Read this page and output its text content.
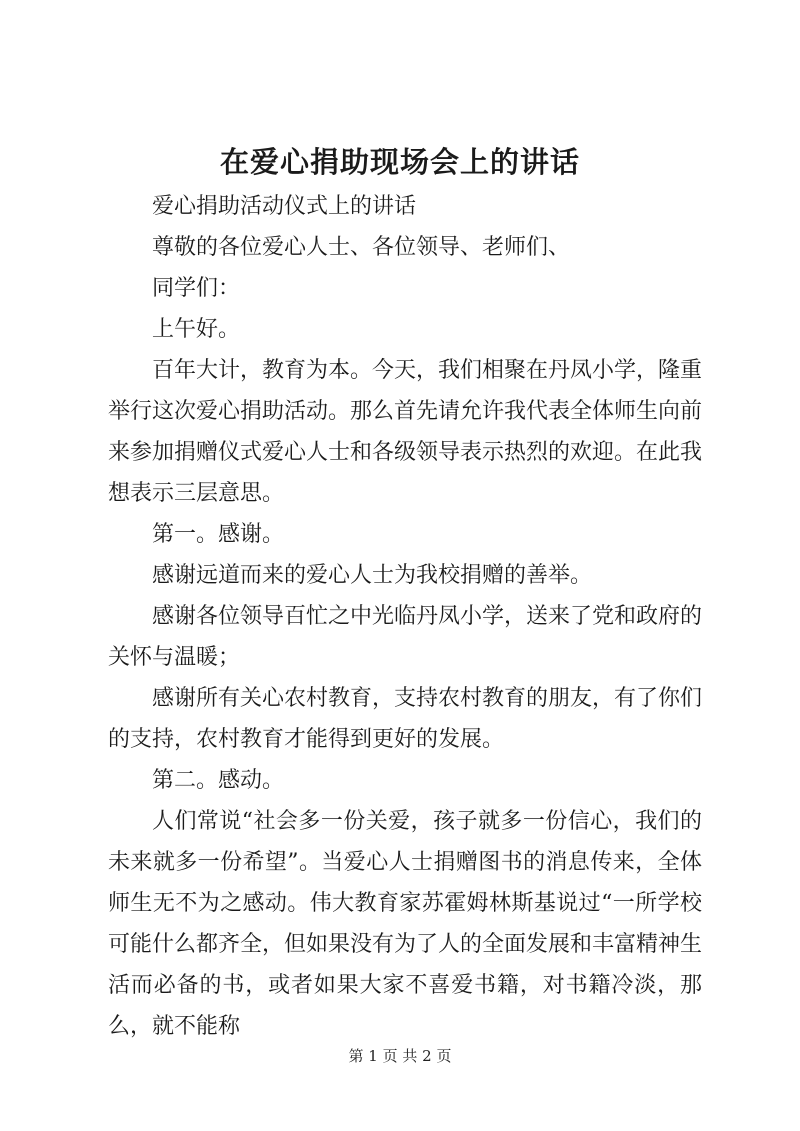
在爱心捐助现场会上的讲话

爱心捐助活动仪式上的讲话

尊敬的各位爱心人士、各位领导、老师们、

同学们：

上午好。

百年大计，教育为本。今天，我们相聚在丹凤小学，隆重举行这次爱心捐助活动。那么首先请允许我代表全体师生向前来参加捐赠仪式爱心人士和各级领导表示热烈的欢迎。在此我想表示三层意思。

第一。感谢。

感谢远道而来的爱心人士为我校捐赠的善举。

感谢各位领导百忙之中光临丹凤小学，送来了党和政府的关怀与温暖；

感谢所有关心农村教育，支持农村教育的朋友，有了你们的支持，农村教育才能得到更好的发展。

第二。感动。

人们常说“社会多一份关爱，孩子就多一份信心，我们的未来就多一份希望”。当爱心人士捐赠图书的消息传来，全体师生无不为之感动。伟大教育家苏霍姆林斯基说过“一所学校可能什么都齐全，但如果没有为了人的全面发展和丰富精神生活而必备的书，或者如果大家不喜爱书籍，对书籍冷淡，那么，就不能称

第 1 页 共 2 页
